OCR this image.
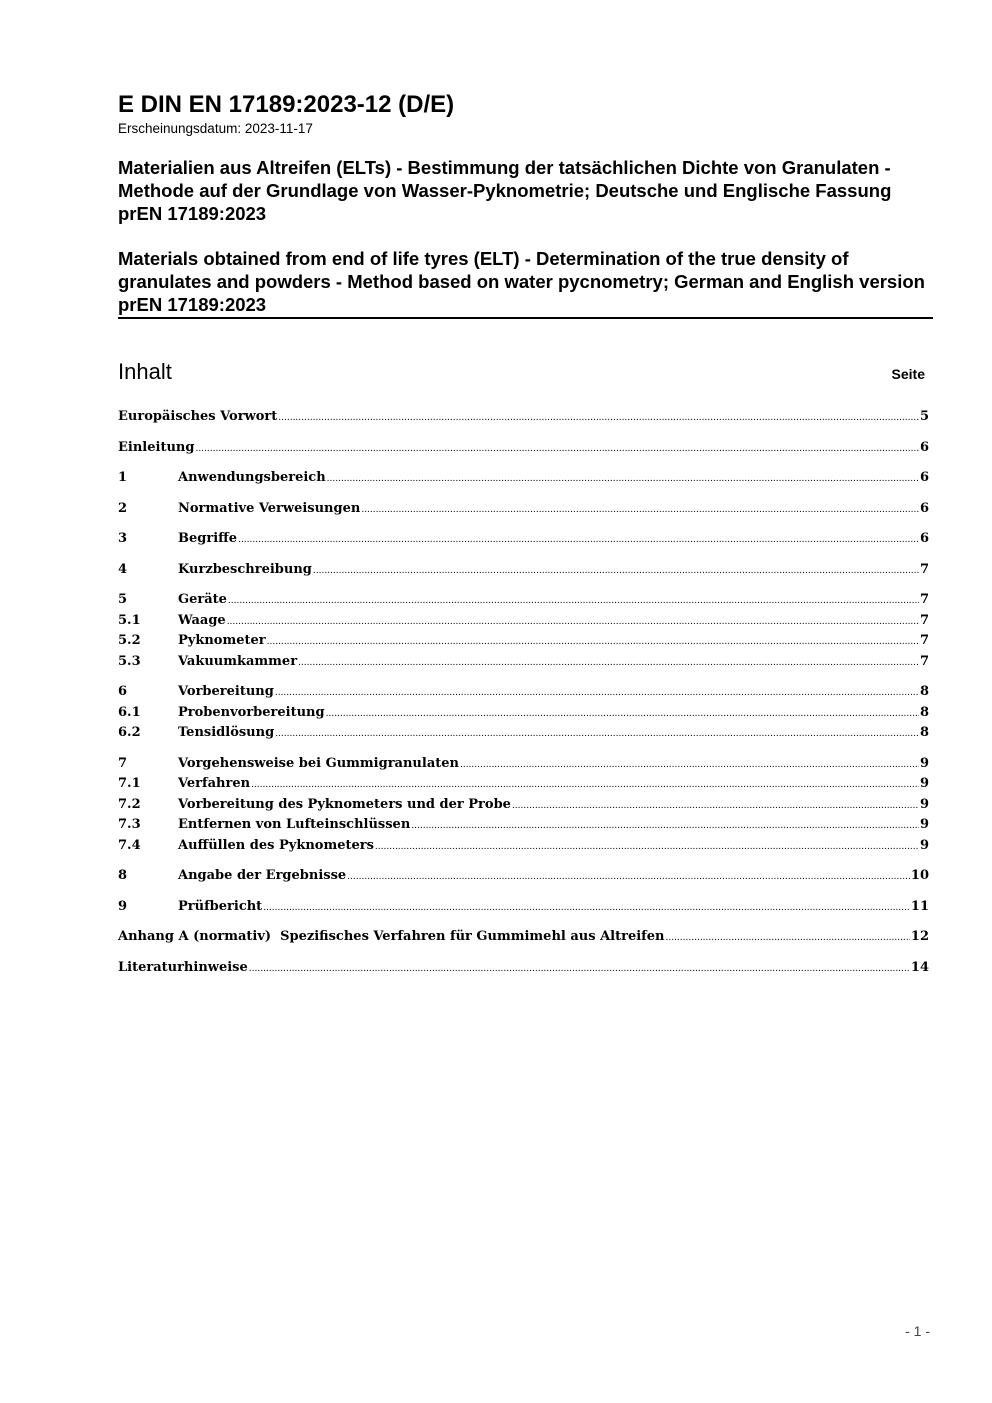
E DIN EN 17189:2023-12 (D/E)

Erscheinungsdatum: 2023-11-17

Materialien aus Altreifen (ELTs) - Bestimmung der tatsächlichen Dichte von Granulaten - Methode auf der Grundlage von Wasser-Pyknometrie; Deutsche und Englische Fassung prEN 17189:2023

Materials obtained from end of life tyres (ELT) - Determination of the true density of granulates and powders - Method based on water pycnometry; German and English version prEN 17189:2023

Inhalt	Seite
Europäisches Vorwort .....	5
Einleitung .....	6
1	Anwendungsbereich .....	6
2	Normative Verweisungen .....	6
3	Begriffe .....	6
4	Kurzbeschreibung .....	7
5	Geräte .....	7
5.1	Waage .....	7
5.2	Pyknometer .....	7
5.3	Vakuumkammer .....	7
6	Vorbereitung .....	8
6.1	Probenvorbereitung .....	8
6.2	Tensidlösung .....	8
7	Vorgehensweise bei Gummigranulaten .....	9
7.1	Verfahren .....	9
7.2	Vorbereitung des Pyknometers und der Probe .....	9
7.3	Entfernen von Lufteinschlüssen .....	9
7.4	Auffüllen des Pyknometers .....	9
8	Angabe der Ergebnisse .....	10
9	Prüfbericht .....	11
Anhang A (normativ)  Spezifisches Verfahren für Gummimehl aus Altreifen .....	12
Literaturhinweise .....	14
- 1 -
